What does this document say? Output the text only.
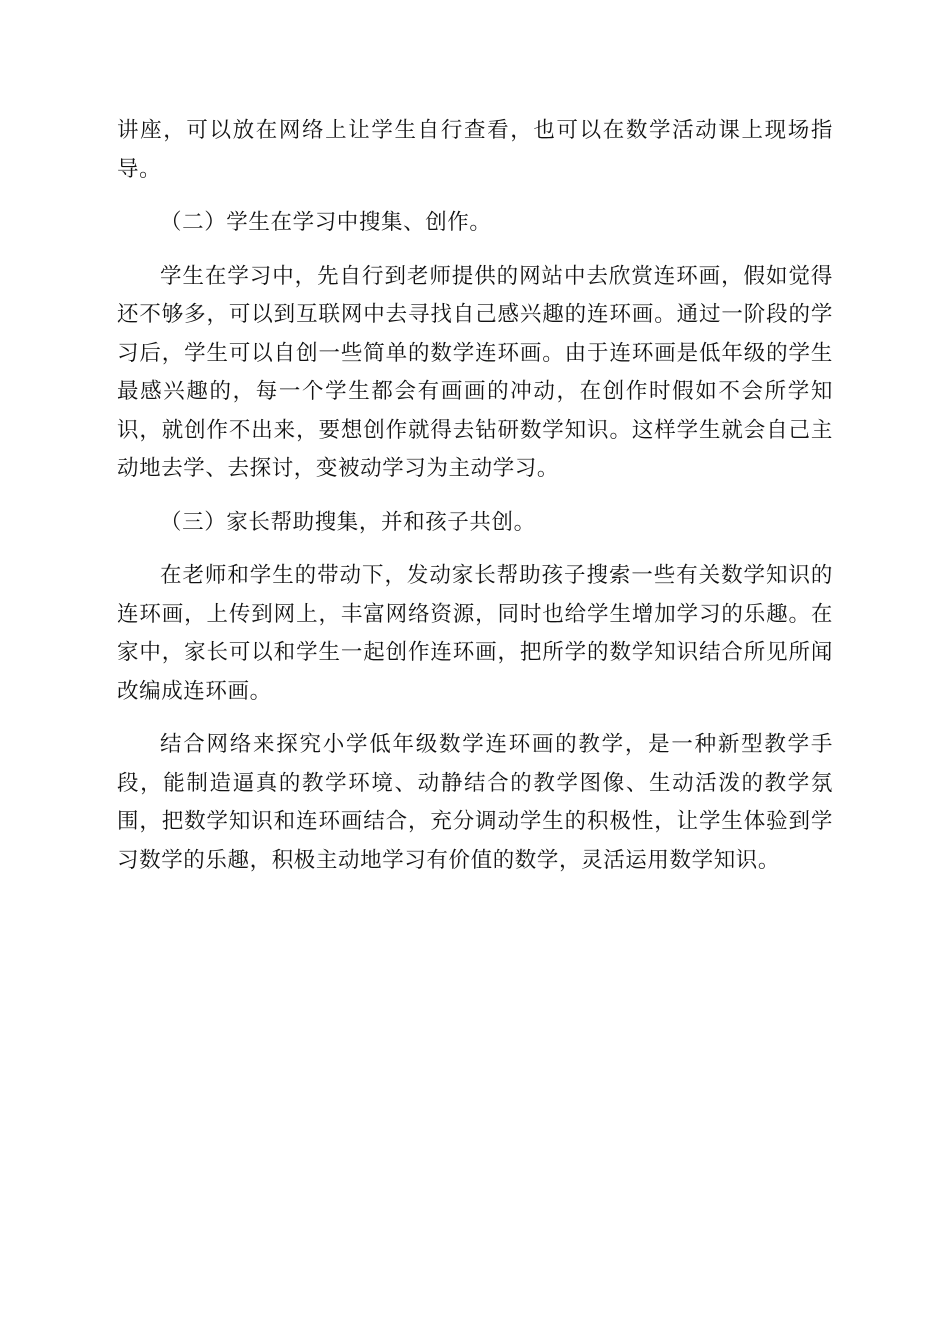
讲座，可以放在网络上让学生自行查看，也可以在数学活动课上现场指导。

（二）学生在学习中搜集、创作。

学生在学习中，先自行到老师提供的网站中去欣赏连环画，假如觉得还不够多，可以到互联网中去寻找自己感兴趣的连环画。通过一阶段的学习后，学生可以自创一些简单的数学连环画。由于连环画是低年级的学生最感兴趣的，每一个学生都会有画画的冲动，在创作时假如不会所学知识，就创作不出来，要想创作就得去钻研数学知识。这样学生就会自己主动地去学、去探讨，变被动学习为主动学习。

（三）家长帮助搜集，并和孩子共创。

在老师和学生的带动下，发动家长帮助孩子搜索一些有关数学知识的连环画，上传到网上，丰富网络资源，同时也给学生增加学习的乐趣。在家中，家长可以和学生一起创作连环画，把所学的数学知识结合所见所闻改编成连环画。

结合网络来探究小学低年级数学连环画的教学，是一种新型教学手段，能制造逼真的教学环境、动静结合的教学图像、生动活泼的教学氛围，把数学知识和连环画结合，充分调动学生的积极性，让学生体验到学习数学的乐趣，积极主动地学习有价值的数学，灵活运用数学知识。
